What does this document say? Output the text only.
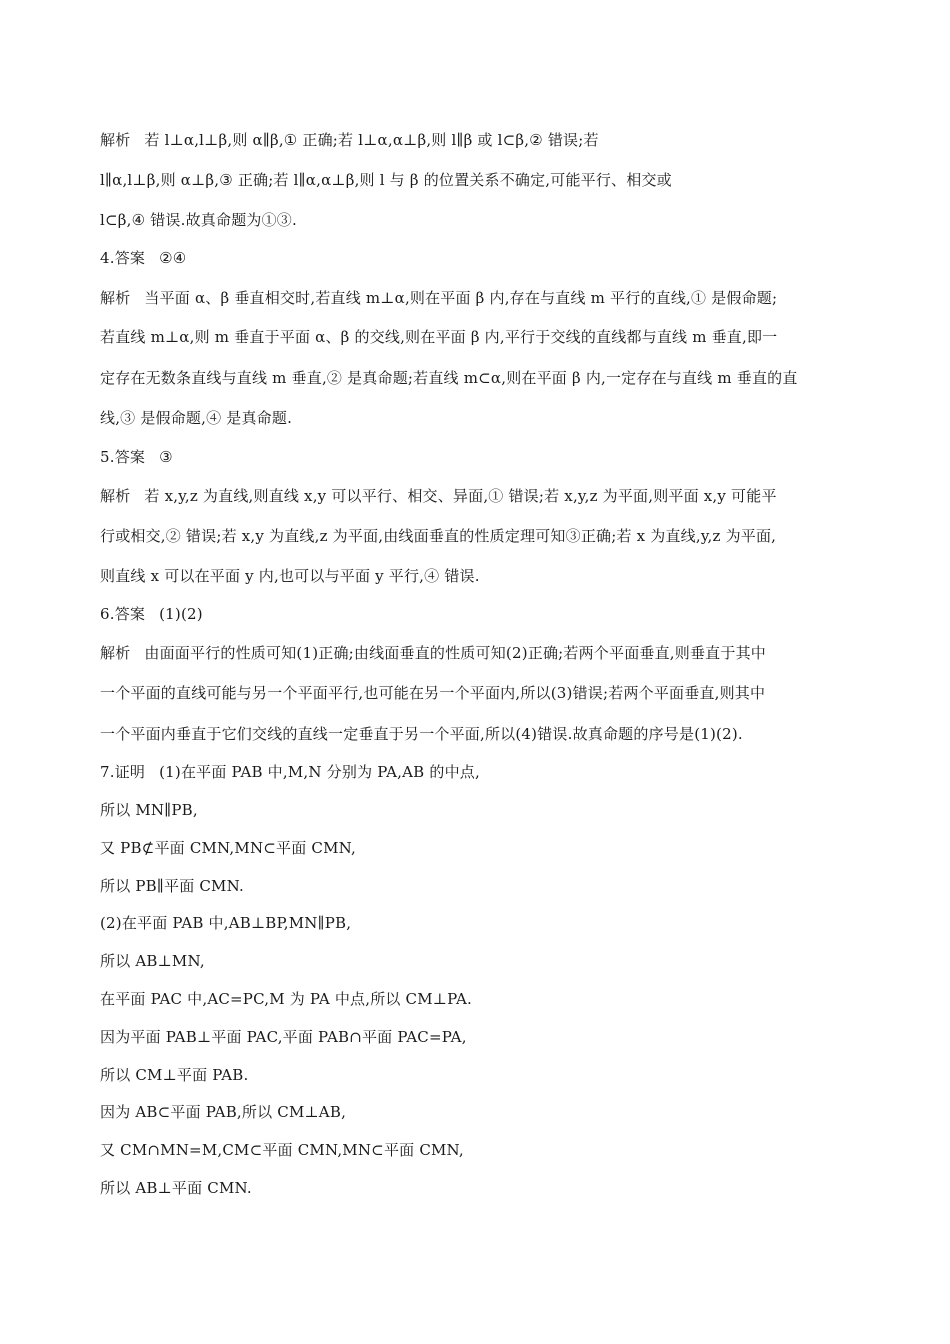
解析 若 l⊥α,l⊥β,则 α∥β,① 正确;若 l⊥α,α⊥β,则 l∥β 或 l⊂β,② 错误;若
l∥α,l⊥β,则 α⊥β,③ 正确;若 l∥α,α⊥β,则 l 与 β 的位置关系不确定,可能平行、相交或
l⊂β,④ 错误.故真命题为①③.
4.答案 ②④
解析 当平面 α、β 垂直相交时,若直线 m⊥α,则在平面 β 内,存在与直线 m 平行的直线,① 是假命题;
若直线 m⊥α,则 m 垂直于平面 α、β 的交线,则在平面 β 内,平行于交线的直线都与直线 m 垂直,即一
定存在无数条直线与直线 m 垂直,② 是真命题;若直线 m⊂α,则在平面 β 内,一定存在与直线 m 垂直的直
线,③ 是假命题,④ 是真命题.
5.答案 ③
解析 若 x,y,z 为直线,则直线 x,y 可以平行、相交、异面,① 错误;若 x,y,z 为平面,则平面 x,y 可能平
行或相交,② 错误;若 x,y 为直线,z 为平面,由线面垂直的性质定理可知③正确;若 x 为直线,y,z 为平面,
则直线 x 可以在平面 y 内,也可以与平面 y 平行,④ 错误.
6.答案 (1)(2)
解析 由面面平行的性质可知(1)正确;由线面垂直的性质可知(2)正确;若两个平面垂直,则垂直于其中
一个平面的直线可能与另一个平面平行,也可能在另一个平面内,所以(3)错误;若两个平面垂直,则其中
一个平面内垂直于它们交线的直线一定垂直于另一个平面,所以(4)错误.故真命题的序号是(1)(2).
7.证明 (1)在平面 PAB 中,M,N 分别为 PA,AB 的中点,
所以 MN∥PB,
又 PB⊄平面 CMN,MN⊂平面 CMN,
所以 PB∥平面 CMN.
(2)在平面 PAB 中,AB⊥BP,MN∥PB,
所以 AB⊥MN,
在平面 PAC 中,AC=PC,M 为 PA 中点,所以 CM⊥PA.
因为平面 PAB⊥平面 PAC,平面 PAB∩平面 PAC=PA,
所以 CM⊥平面 PAB.
因为 AB⊂平面 PAB,所以 CM⊥AB,
又 CM∩MN=M,CM⊂平面 CMN,MN⊂平面 CMN,
所以 AB⊥平面 CMN.
